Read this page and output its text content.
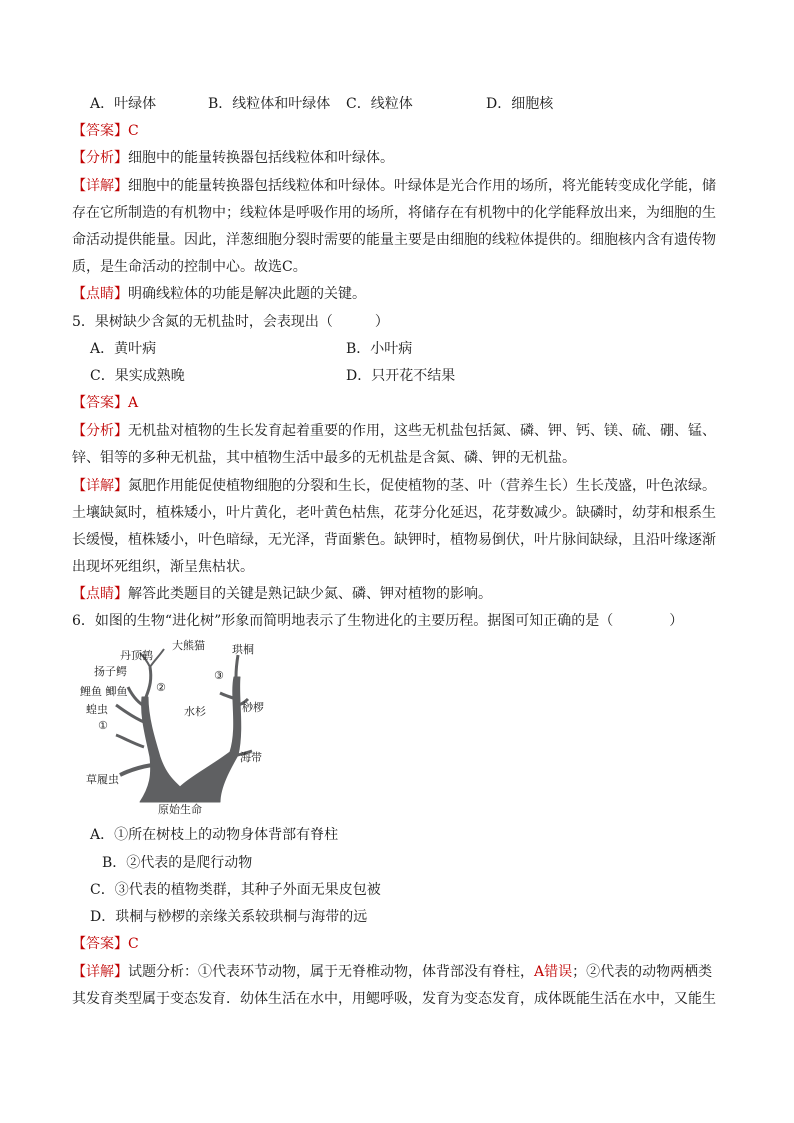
A．叶绿体	B．线粒体和叶绿体 C．线粒体	D．细胞核
【答案】C
【分析】细胞中的能量转换器包括线粒体和叶绿体。
【详解】细胞中的能量转换器包括线粒体和叶绿体。叶绿体是光合作用的场所，将光能转变成化学能，储
存在它所制造的有机物中；线粒体是呼吸作用的场所，将储存在有机物中的化学能释放出来，为细胞的生
命活动提供能量。因此，洋葱细胞分裂时需要的能量主要是由细胞的线粒体提供的。细胞核内含有遗传物
质，是生命活动的控制中心。故选C。
【点睛】明确线粒体的功能是解决此题的关键。
5．果树缺少含氮的无机盐时，会表现出（　　　）
A．黄叶病	B．小叶病
C．果实成熟晚	D．只开花不结果
【答案】A
【分析】无机盐对植物的生长发育起着重要的作用，这些无机盐包括氮、磷、钾、钙、镁、硫、硼、锰、
锌、钼等的多种无机盐，其中植物生活中最多的无机盐是含氮、磷、钾的无机盐。
【详解】氮肥作用能促使植物细胞的分裂和生长，促使植物的茎、叶（营养生长）生长茂盛，叶色浓绿。
土壤缺氮时，植株矮小，叶片黄化，老叶黄色枯焦，花芽分化延迟，花芽数减少。缺磷时，幼芽和根系生
长缓慢，植株矮小，叶色暗绿，无光泽，背面紫色。缺钾时，植物易倒伏，叶片脉间缺绿，且沿叶缘逐渐
出现坏死组织，渐呈焦枯状。
【点睛】解答此类题目的关键是熟记缺少氮、磷、钾对植物的影响。
6．如图的生物“进化树”形象而简明地表示了生物进化的主要历程。据图可知正确的是（　　　　）
大熊猫
丹顶鹤
扬子鳄
鲤鱼 鲫鱼	②
蝗虫
①
草履虫
原始生命
珙桐
③
水杉	桫椤
海带
A．①所在树枝上的动物身体背部有脊柱
B．②代表的是爬行动物
C．③代表的植物类群，其种子外面无果皮包被
D．珙桐与桫椤的亲缘关系较珙桐与海带的远
【答案】C
【详解】试题分析：①代表环节动物，属于无脊椎动物，体背部没有脊柱，A错误；②代表的动物两栖类
其发育类型属于变态发育．幼体生活在水中，用鳃呼吸，发育为变态发育，成体既能生活在水中，又能生
